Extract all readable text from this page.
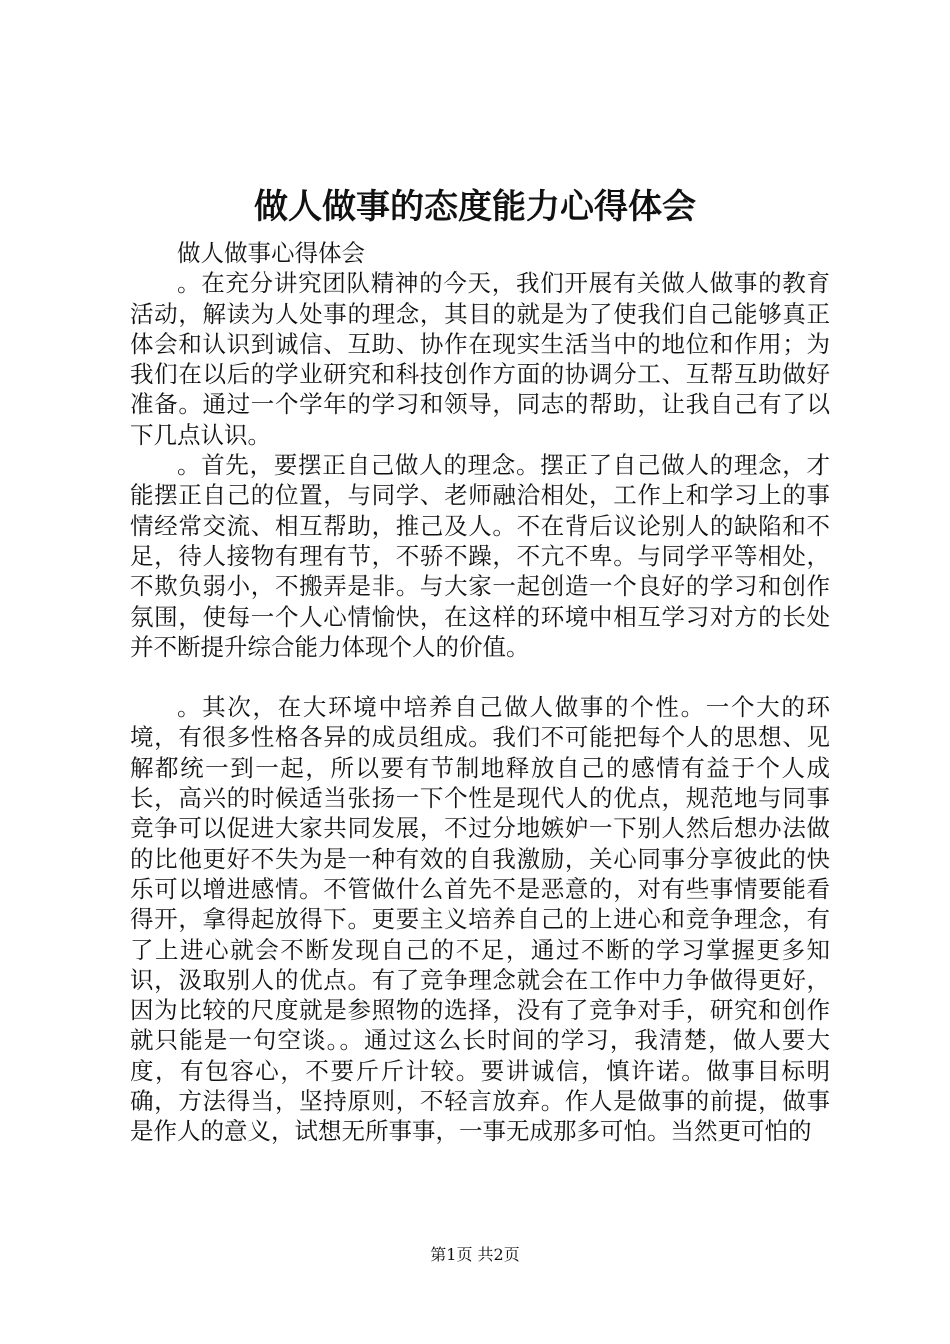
做人做事的态度能力心得体会

做人做事心得体会

。在充分讲究团队精神的今天，我们开展有关做人做事的教育活动，解读为人处事的理念，其目的就是为了使我们自己能够真正体会和认识到诚信、互助、协作在现实生活当中的地位和作用；为我们在以后的学业研究和科技创作方面的协调分工、互帮互助做好准备。通过一个学年的学习和领导，同志的帮助，让我自己有了以下几点认识。

。首先，要摆正自己做人的理念。摆正了自己做人的理念，才能摆正自己的位置，与同学、老师融洽相处，工作上和学习上的事情经常交流、相互帮助，推己及人。不在背后议论别人的缺陷和不足，待人接物有理有节，不骄不躁，不亢不卑。与同学平等相处，不欺负弱小，不搬弄是非。与大家一起创造一个良好的学习和创作氛围，使每一个人心情愉快，在这样的环境中相互学习对方的长处并不断提升综合能力体现个人的价值。

。其次，在大环境中培养自己做人做事的个性。一个大的环境，有很多性格各异的成员组成。我们不可能把每个人的思想、见解都统一到一起，所以要有节制地释放自己的感情有益于个人成长，高兴的时候适当张扬一下个性是现代人的优点，规范地与同事竞争可以促进大家共同发展，不过分地嫉妒一下别人然后想办法做的比他更好不失为是一种有效的自我激励，关心同事分享彼此的快乐可以增进感情。不管做什么首先不是恶意的，对有些事情要能看得开，拿得起放得下。更要主义培养自己的上进心和竞争理念，有了上进心就会不断发现自己的不足，通过不断的学习掌握更多知识，汲取别人的优点。有了竞争理念就会在工作中力争做得更好，因为比较的尺度就是参照物的选择，没有了竞争对手，研究和创作就只能是一句空谈。。通过这么长时间的学习，我清楚，做人要大度，有包容心，不要斤斤计较。要讲诚信，慎许诺。做事目标明确，方法得当，坚持原则，不轻言放弃。作人是做事的前提，做事是作人的意义，试想无所事事，一事无成那多可怕。当然更可怕的

第1页 共2页
